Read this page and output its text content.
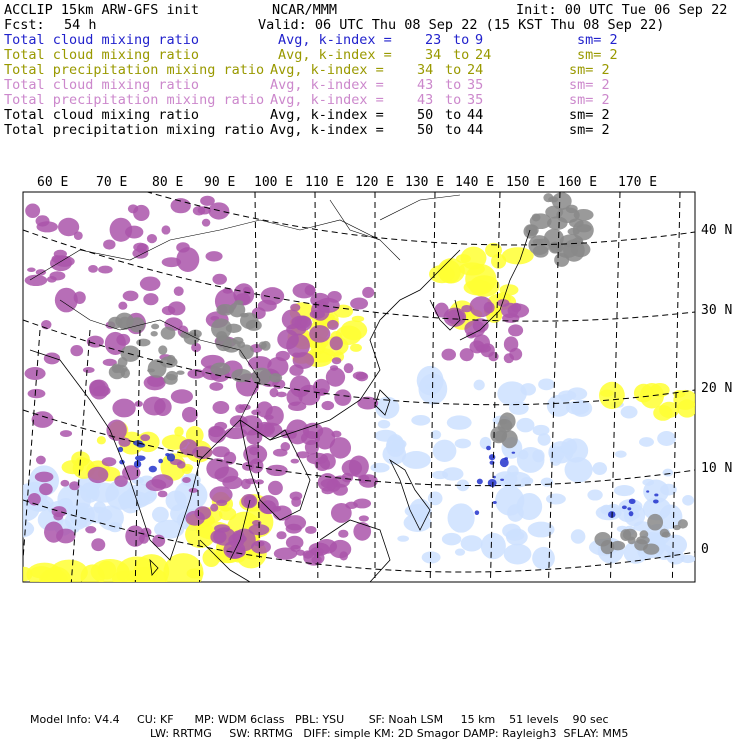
60 E 70 E 80 E 90 E 100 E 110 E 120 E 130 E 140 E 150 E 160 E 170 E
40 N
30 N
20 N
10 N
0
ACCLIP 15km ARW-GFS init	NCAR/MMM	Init: 00 UTC Tue 06 Sep 22
Fcst: 54 h	Valid: 06 UTC Thu 08 Sep 22 (15 KST Thu 08 Sep 22)
Total cloud mixing ratio	Avg, k-index = 23 to 9	sm= 2
Total cloud mixing ratio	Avg, k-index = 34 to 24	sm= 2
Total precipitation mixing ratio Avg, k-index = 34 to 24	sm= 2
Total cloud mixing ratio	Avg, k-index = 43 to 35	sm= 2
Total precipitation mixing ratio Avg, k-index = 43 to 35	sm= 2
Total cloud mixing ratio	Avg, k-index = 50 to 44	sm= 2
Total precipitation mixing ratio Avg, k-index = 50 to 44	sm= 2
Model Info: V4.4     CU: KF      MP: WDM 6class   PBL: YSU       SF: Noah LSM     15 km    51 levels    90 sec
LW: RRTMG     SW: RRTMG   DIFF: simple KM: 2D Smagor DAMP: Rayleigh3  SFLAY: MM5
